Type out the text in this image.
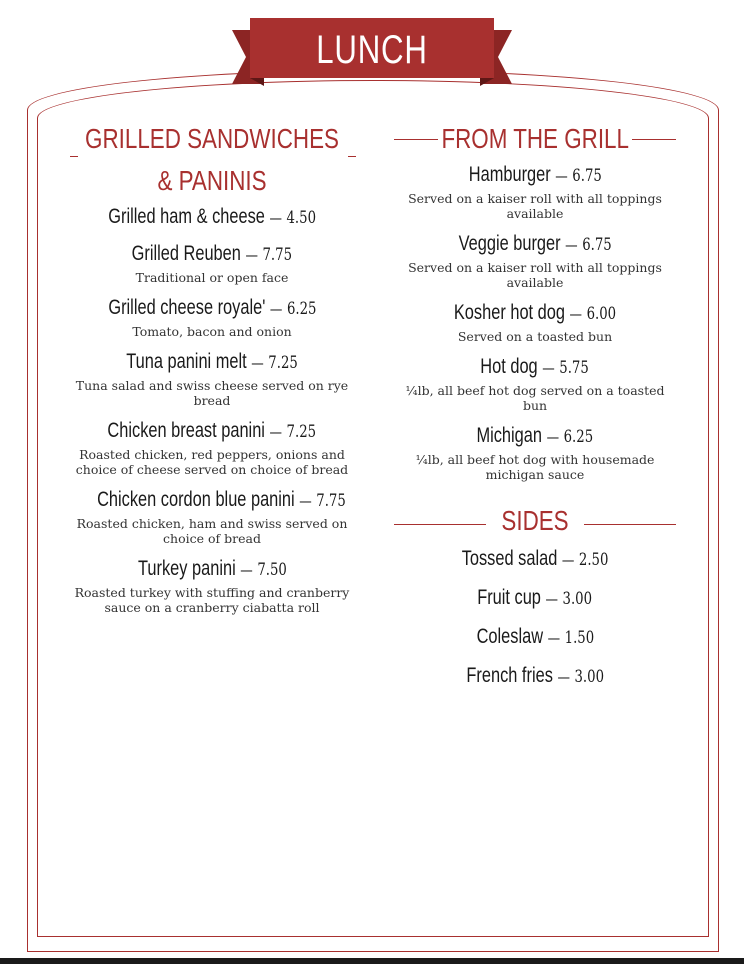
LUNCH
GRILLED SANDWICHES & PANINIS
Grilled ham & cheese — 4.50
Grilled Reuben — 7.75
Traditional or open face
Grilled cheese royale' — 6.25
Tomato, bacon and onion
Tuna panini melt — 7.25
Tuna salad and swiss cheese served on rye bread
Chicken breast panini — 7.25
Roasted chicken, red peppers, onions and choice of cheese served on choice of bread
Chicken cordon blue panini — 7.75
Roasted chicken, ham and swiss served on choice of bread
Turkey panini — 7.50
Roasted turkey with stuffing and cranberry sauce on a cranberry ciabatta roll
FROM THE GRILL
Hamburger — 6.75
Served on a kaiser roll with all toppings available
Veggie burger — 6.75
Served on a kaiser roll with all toppings available
Kosher hot dog — 6.00
Served on a toasted bun
Hot dog — 5.75
¼lb, all beef hot dog served on a toasted bun
Michigan — 6.25
¼lb, all beef hot dog with housemade michigan sauce
SIDES
Tossed salad — 2.50
Fruit cup — 3.00
Coleslaw — 1.50
French fries — 3.00
